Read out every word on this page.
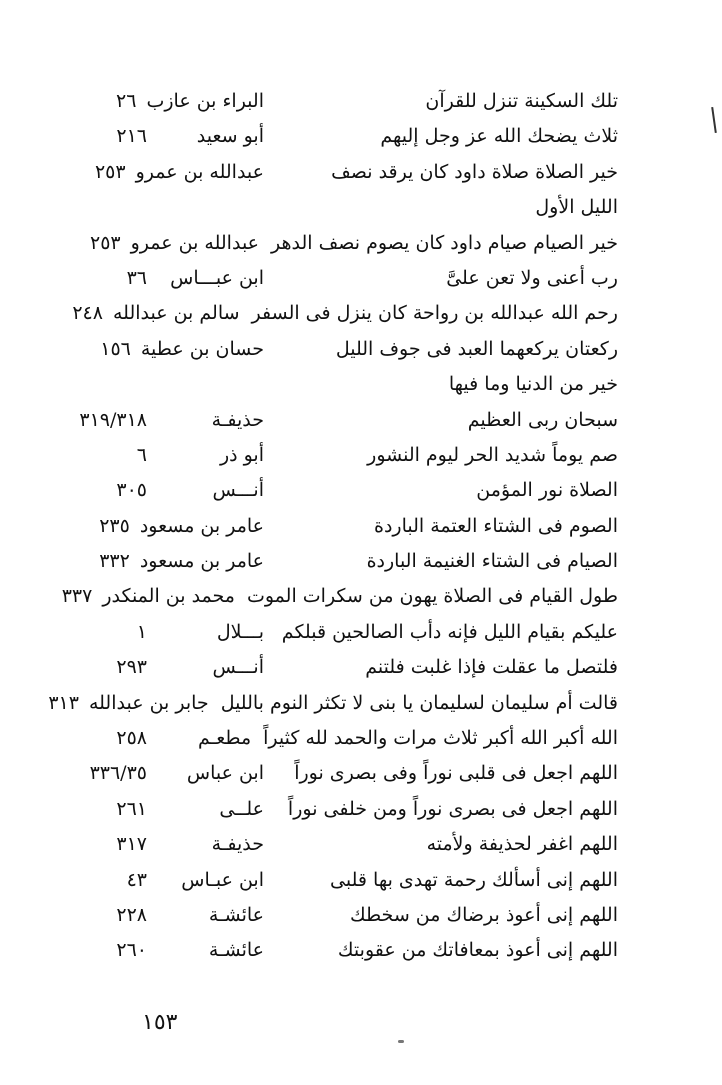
تلك السكينة تنزل للقرآن
البراء بن عازب
٢٦
ثلاث يضحك الله عز وجل إليهم
أبو سعيد
٢١٦
خير الصلاة صلاة داود كان يرقد نصف
عبدالله بن عمرو
٢٥٣
الليل الأول
خير الصيام صيام داود كان يصوم نصف الدهر
عبدالله بن عمرو
٢٥٣
رب أعنى ولا تعن علىَّ
ابن عبـــاس
٣٦
رحم الله عبدالله بن رواحة كان ينزل فى السفر
سالم بن عبدالله
٢٤٨
ركعتان يركعهما العبد فى جوف الليل
حسان بن عطية
١٥٦
خير من الدنيا وما فيها
سبحان ربى العظيم
حذيفـة
٣١٩/٣١٨
صم يوماً شديد الحر ليوم النشور
أبو ذر
٦
الصلاة نور المؤمن
أنـــس
٣٠٥
الصوم فى الشتاء العتمة الباردة
عامر بن مسعود
٢٣٥
الصيام فى الشتاء الغنيمة الباردة
عامر بن مسعود
٣٣٢
طول القيام فى الصلاة يهون من سكرات الموت
محمد بن المنكدر
٣٣٧
عليكم بقيام الليل فإنه دأب الصالحين قبلكم
بـــلال
١
فلتصل ما عقلت فإذا غلبت فلتنم
أنـــس
٢٩٣
قالت أم سليمان لسليمان يا بنى لا تكثر النوم بالليل
جابر بن عبدالله
٣١٣
الله أكبر الله أكبر ثلاث مرات والحمد لله كثيراً
مطعـم
٢٥٨
اللهم اجعل فى قلبى نوراً وفى بصرى نوراً
ابن عباس
٣٣٦/٣٥
اللهم اجعل فى بصرى نوراً ومن خلفى نوراً
علــى
٢٦١
اللهم اغفر لحذيفة ولأمته
حذيفـة
٣١٧
اللهم إنى أسألك رحمة تهدى بها قلبى
ابن عبـاس
٤٣
اللهم إنى أعوذ برضاك من سخطك
عائشـة
٢٢٨
اللهم إنى أعوذ بمعافاتك من عقوبتك
عائشـة
٢٦٠
١٥٣
